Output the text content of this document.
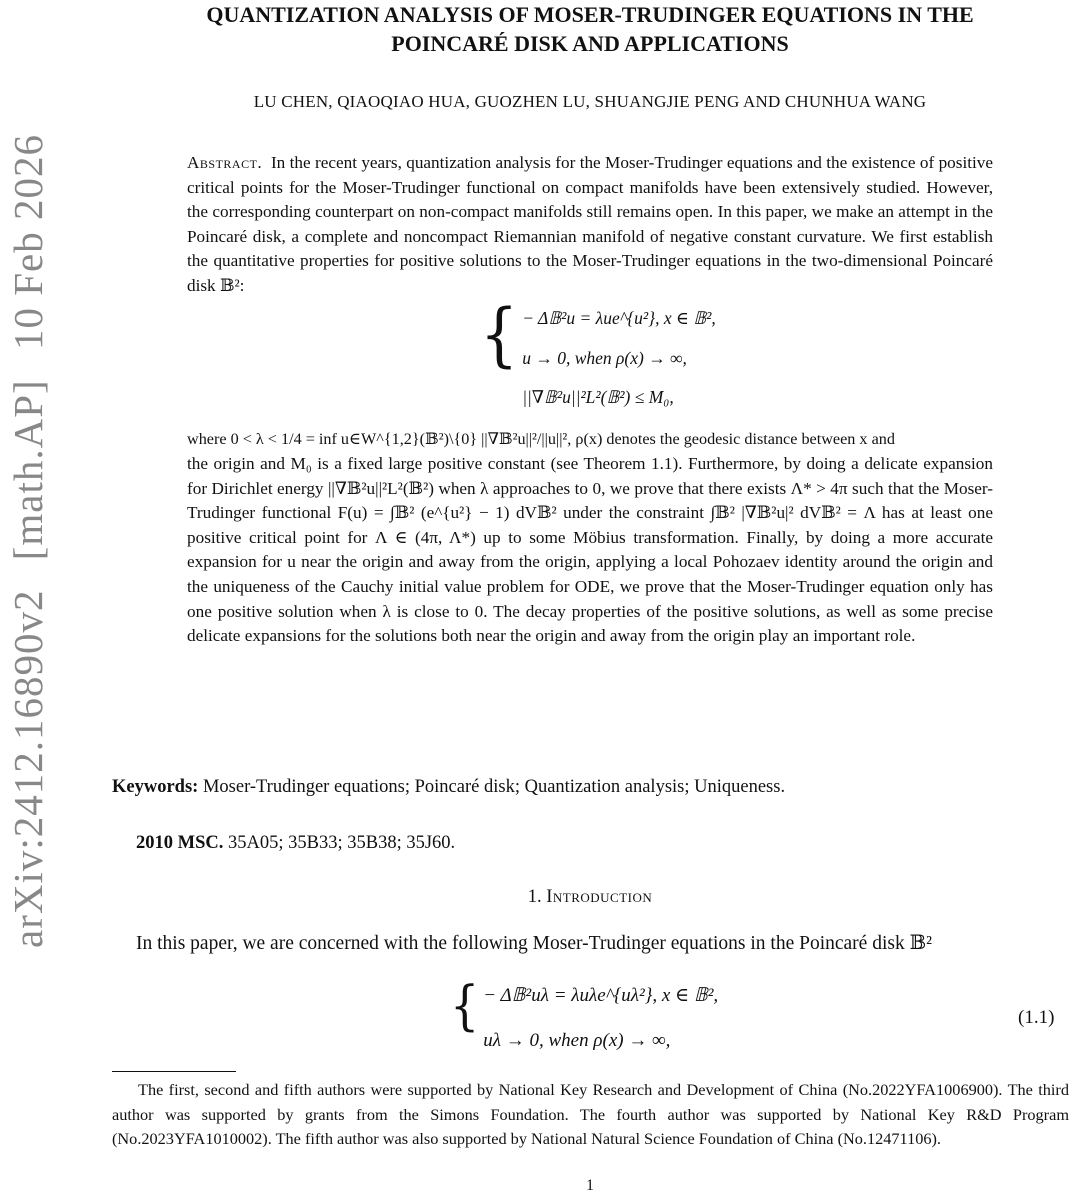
arXiv:2412.16890v2 [math.AP] 10 Feb 2026
QUANTIZATION ANALYSIS OF MOSER-TRUDINGER EQUATIONS IN THE
POINCARÉ DISK AND APPLICATIONS
LU CHEN, QIAOQIAO HUA, GUOZHEN LU, SHUANGJIE PENG AND CHUNHUA WANG

Abstract. In the recent years, quantization analysis for the Moser-Trudinger equations and the existence of positive critical points for the Moser-Trudinger functional on compact manifolds have been extensively studied. However, the corresponding counterpart on non-compact manifolds still remains open. In this paper, we make an attempt in the Poincaré disk, a complete and noncompact Riemannian manifold of negative constant curvature. We first establish the quantitative properties for positive solutions to the Moser-Trudinger equations in the two-dimensional Poincaré disk 𝔹²:

{ − Δ𝔹²u = λue^{u²}, x ∈ 𝔹²,
u → 0, when ρ(x) → ∞,
||∇𝔹²u||²L²(𝔹²) ≤ M₀,

where 0 < λ < 1/4 = inf u∈W^{1,2}(𝔹²)\{0} ||∇𝔹²u||²/||u||², ρ(x) denotes the geodesic distance between x and

the origin and M₀ is a fixed large positive constant (see Theorem 1.1). Furthermore, by doing a delicate expansion for Dirichlet energy ||∇𝔹²u||²L²(𝔹²) when λ approaches to 0, we prove that there exists Λ* > 4π such that the Moser-Trudinger functional F(u) = ∫𝔹² (e^{u²} − 1) dV𝔹² under the constraint ∫𝔹² |∇𝔹²u|² dV𝔹² = Λ has at least one positive critical point for Λ ∈ (4π, Λ*) up to some Möbius transformation. Finally, by doing a more accurate expansion for u near the origin and away from the origin, applying a local Pohozaev identity around the origin and the uniqueness of the Cauchy initial value problem for ODE, we prove that the Moser-Trudinger equation only has one positive solution when λ is close to 0. The decay properties of the positive solutions, as well as some precise delicate expansions for the solutions both near the origin and away from the origin play an important role.

Keywords: Moser-Trudinger equations; Poincaré disk; Quantization analysis; Uniqueness.
2010 MSC. 35A05; 35B33; 35B38; 35J60.
1. Introduction

In this paper, we are concerned with the following Moser-Trudinger equations in the Poincaré disk 𝔹²

{ − Δ𝔹²uλ = λuλe^{uλ²}, x ∈ 𝔹²,
uλ → 0, when ρ(x) → ∞,
(1.1)

The first, second and fifth authors were supported by National Key Research and Development of China (No.2022YFA1006900). The third author was supported by grants from the Simons Foundation. The fourth author was supported by National Key R&D Program (No.2023YFA1010002). The fifth author was also supported by National Natural Science Foundation of China (No.12471106).

1
